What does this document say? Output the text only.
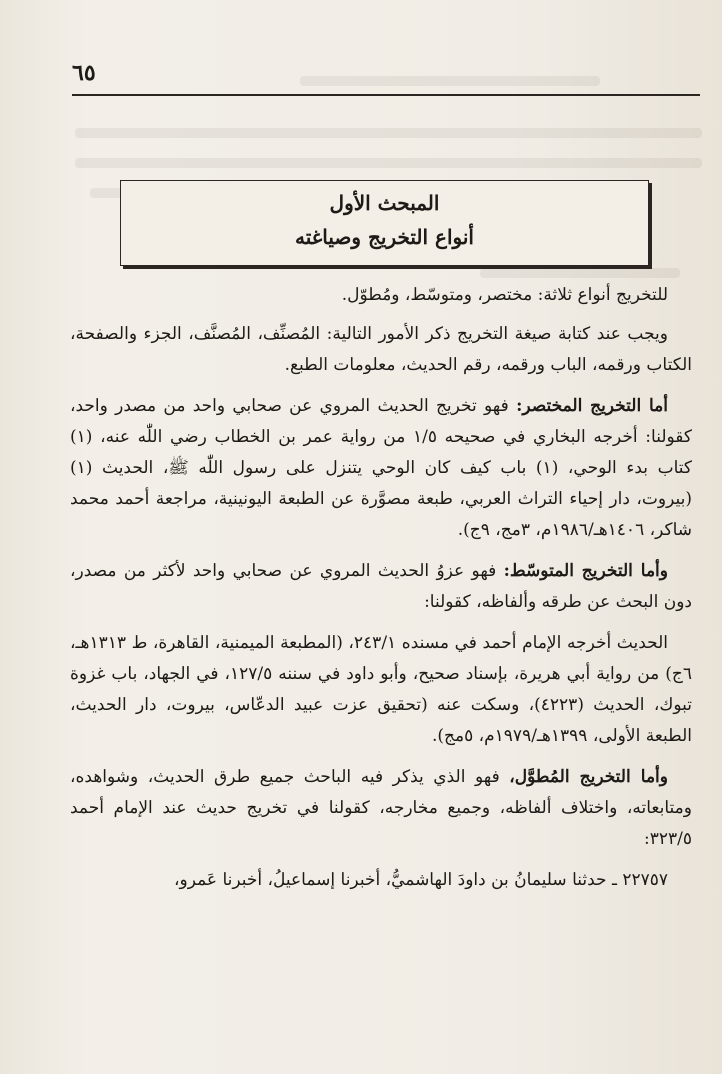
٦٥
المبحث الأول
أنواع التخريج وصياغته

للتخريج أنواع ثلاثة: مختصر، ومتوسّط، ومُطوّل.

ويجب عند كتابة صيغة التخريج ذكر الأمور التالية: المُصنِّف، المُصنَّف، الجزء والصفحة، الكتاب ورقمه، الباب ورقمه، رقم الحديث، معلومات الطبع.

أما التخريج المختصر: فهو تخريج الحديث المروي عن صحابي واحد من مصدر واحد، كقولنا: أخرجه البخاري في صحيحه ١/٥ من رواية عمر بن الخطاب رضي اللّٰه عنه، (١) كتاب بدء الوحي، (١) باب كيف كان الوحي يتنزل على رسول اللّٰه ﷺ، الحديث (١) (بيروت، دار إحياء التراث العربي، طبعة مصوَّرة عن الطبعة اليونينية، مراجعة أحمد محمد شاكر، ١٤٠٦هـ/١٩٨٦م، ٣مج، ٩ج).

وأما التخريج المتوسّط: فهو عزوُ الحديث المروي عن صحابي واحد لأكثر من مصدر، دون البحث عن طرقه وألفاظه، كقولنا:

الحديث أخرجه الإمام أحمد في مسنده ٢٤٣/١، (المطبعة الميمنية، القاهرة، ط ١٣١٣هـ، ٦ج) من رواية أبي هريرة، بإسناد صحيح، وأبو داود في سننه ١٢٧/٥، في الجهاد، باب غزوة تبوك، الحديث (٤٢٢٣)، وسكت عنه (تحقيق عزت عبيد الدعّاس، بيروت، دار الحديث، الطبعة الأولى، ١٣٩٩هـ/١٩٧٩م، ٥مج).

وأما التخريج المُطوَّل، فهو الذي يذكر فيه الباحث جميع طرق الحديث، وشواهده، ومتابعاته، واختلاف ألفاظه، وجميع مخارجه، كقولنا في تخريج حديث عند الإمام أحمد ٣٢٣/٥:

٢٢٧٥٧ ـ حدثنا سليمانُ بن داودَ الهاشميُّ، أخبرنا إسماعيلُ، أخبرنا عَمرو،
